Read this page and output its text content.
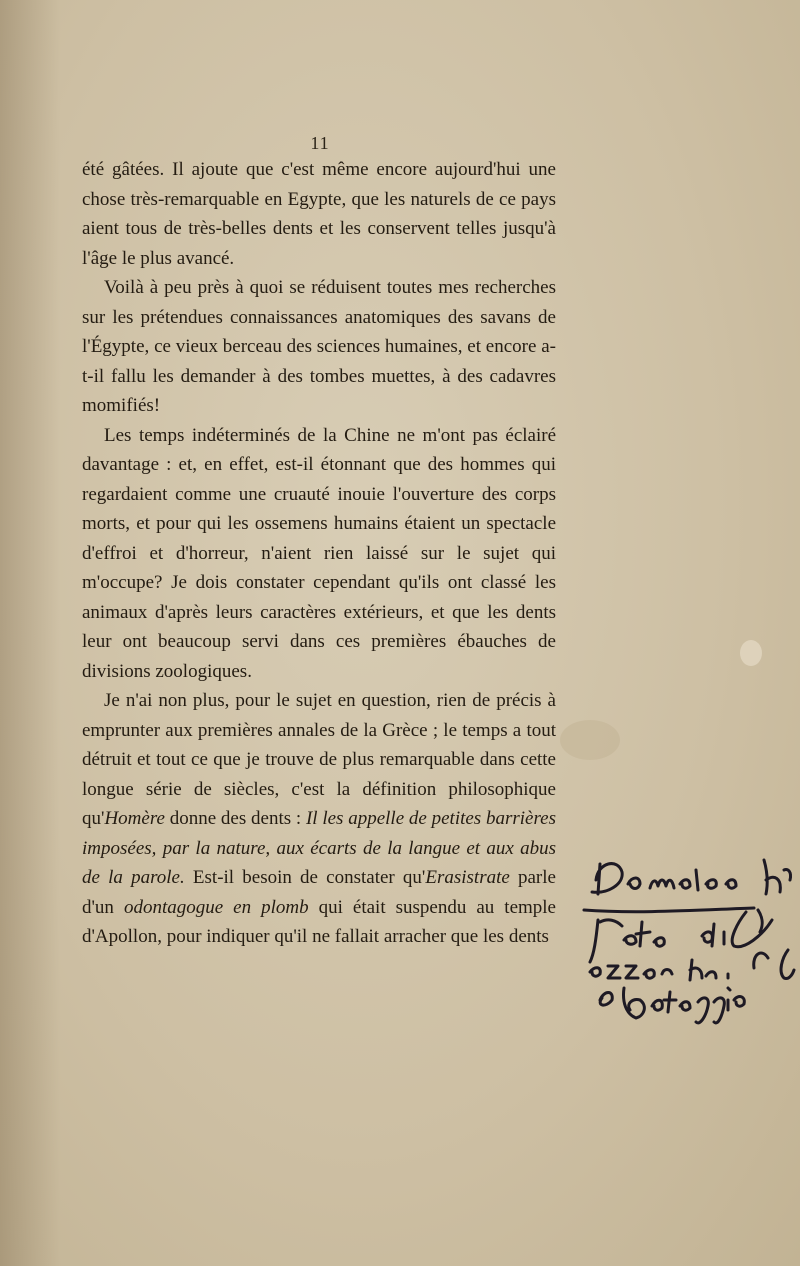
11

été gâtées. Il ajoute que c'est même encore aujourd'hui une chose très-remarquable en Egypte, que les naturels de ce pays aient tous de très-belles dents et les conservent telles jusqu'à l'âge le plus avancé.

Voilà à peu près à quoi se réduisent toutes mes recherches sur les prétendues connaissances anatomiques des savans de l'Égypte, ce vieux berceau des sciences humaines, et encore a-t-il fallu les demander à des tombes muettes, à des cadavres momifiés!

Les temps indéterminés de la Chine ne m'ont pas éclairé davantage : et, en effet, est-il étonnant que des hommes qui regardaient comme une cruauté inouie l'ouverture des corps morts, et pour qui les ossemens humains étaient un spectacle d'effroi et d'horreur, n'aient rien laissé sur le sujet qui m'occupe? Je dois constater cependant qu'ils ont classé les animaux d'après leurs caractères extérieurs, et que les dents leur ont beaucoup servi dans ces premières ébauches de divisions zoologiques.

Je n'ai non plus, pour le sujet en question, rien de précis à emprunter aux premières annales de la Grèce ; le temps a tout détruit et tout ce que je trouve de plus remarquable dans cette longue série de siècles, c'est la définition philosophique qu'Homère donne des dents : Il les appelle de petites barrières imposées, par la nature, aux écarts de la langue et aux abus de la parole. Est-il besoin de constater qu'Erasistrate parle d'un odontagogue en plomb qui était suspendu au temple d'Apollon, pour indiquer qu'il ne fallait arracher que les dents
